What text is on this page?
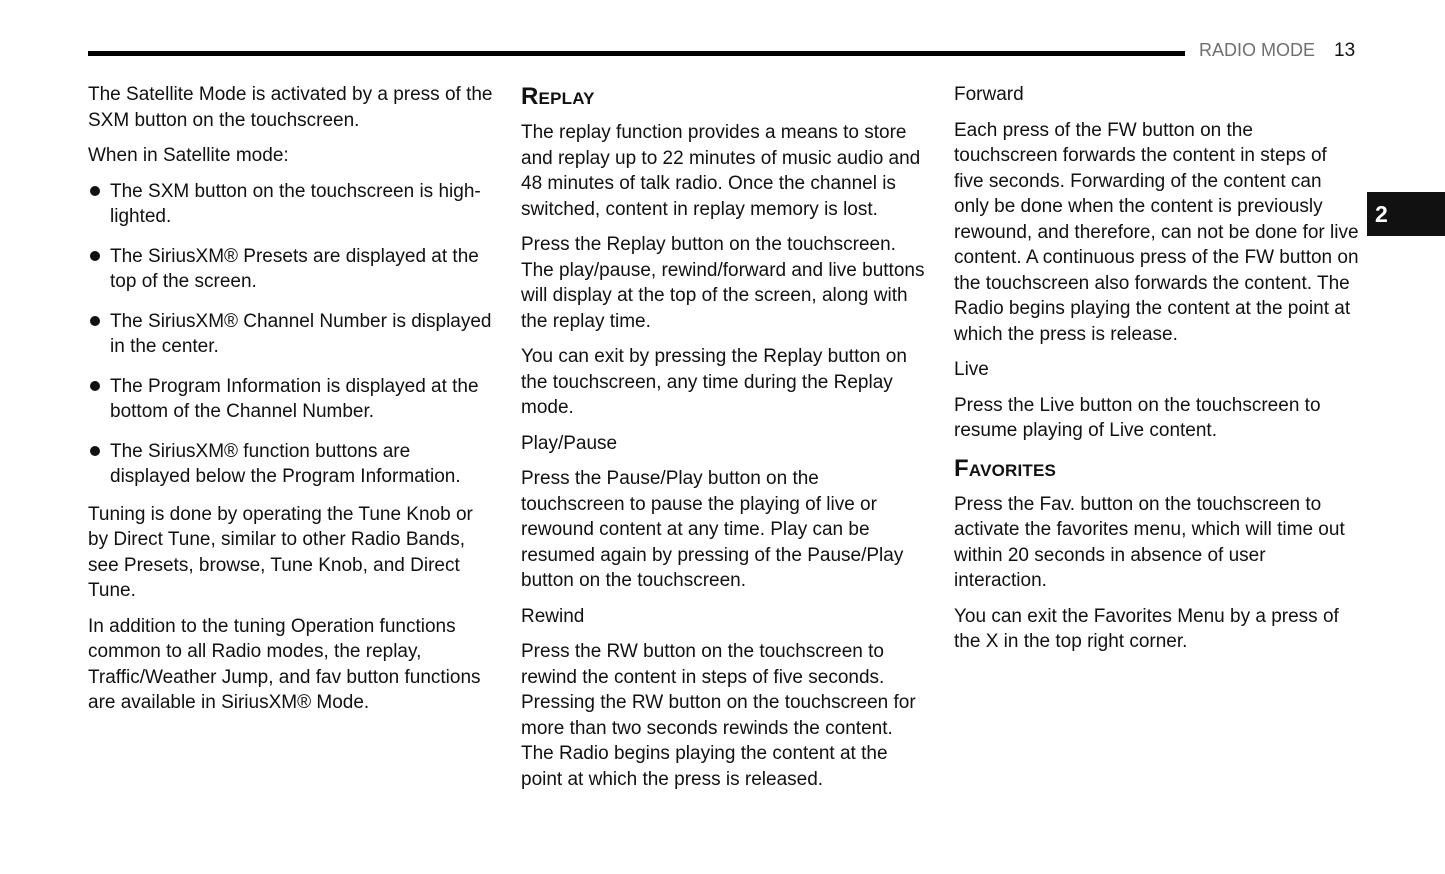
RADIO MODE 13
2

The Satellite Mode is activated by a press of the SXM button on the touchscreen.

When in Satellite mode:

The SXM button on the touchscreen is high-lighted.
The SiriusXM® Presets are displayed at the top of the screen.
The SiriusXM® Channel Number is displayed in the center.
The Program Information is displayed at the bottom of the Channel Number.
The SiriusXM® function buttons are displayed below the Program Information.

Tuning is done by operating the Tune Knob or by Direct Tune, similar to other Radio Bands, see Presets, browse, Tune Knob, and Direct Tune.

In addition to the tuning Operation functions common to all Radio modes, the replay, Traffic/Weather Jump, and fav button functions are available in SiriusXM® Mode.

Replay

The replay function provides a means to store and replay up to 22 minutes of music audio and 48 minutes of talk radio. Once the channel is switched, content in replay memory is lost.

Press the Replay button on the touchscreen. The play/pause, rewind/forward and live buttons will display at the top of the screen, along with the replay time.

You can exit by pressing the Replay button on the touchscreen, any time during the Replay mode.

Play/Pause

Press the Pause/Play button on the touchscreen to pause the playing of live or rewound content at any time. Play can be resumed again by pressing of the Pause/Play button on the touchscreen.

Rewind

Press the RW button on the touchscreen to rewind the content in steps of five seconds. Pressing the RW button on the touchscreen for more than two seconds rewinds the content. The Radio begins playing the content at the point at which the press is released.

Forward

Each press of the FW button on the touchscreen forwards the content in steps of five seconds. Forwarding of the content can only be done when the content is previously rewound, and therefore, can not be done for live content. A continuous press of the FW button on the touchscreen also forwards the content. The Radio begins playing the content at the point at which the press is release.

Live

Press the Live button on the touchscreen to resume playing of Live content.

Favorites

Press the Fav. button on the touchscreen to activate the favorites menu, which will time out within 20 seconds in absence of user interaction.

You can exit the Favorites Menu by a press of the X in the top right corner.
